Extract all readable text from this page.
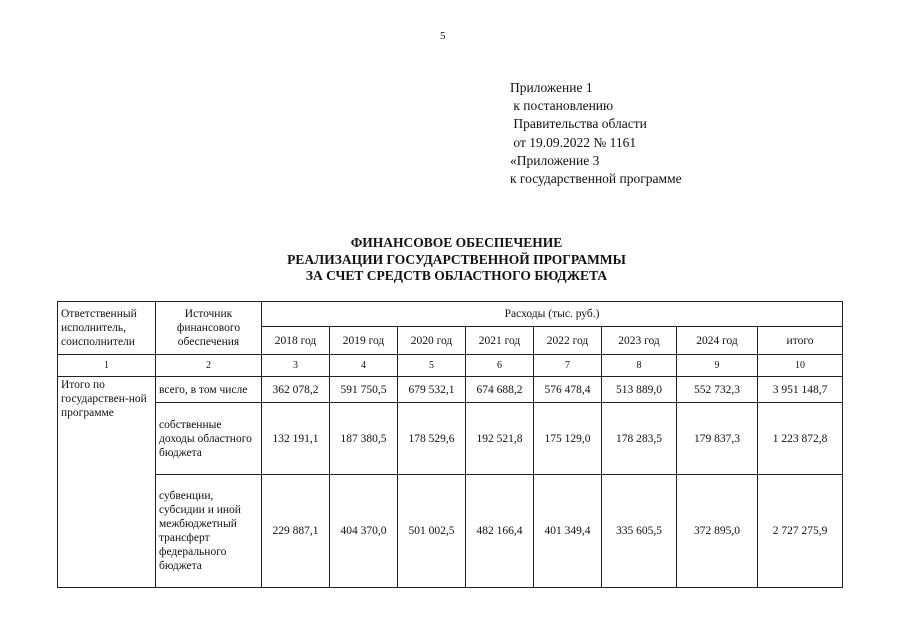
5
Приложение 1
к постановлению
Правительства области
от 19.09.2022 № 1161
«Приложение 3
к государственной программе
ФИНАНСОВОЕ ОБЕСПЕЧЕНИЕ
РЕАЛИЗАЦИИ ГОСУДАРСТВЕННОЙ ПРОГРАММЫ
ЗА СЧЕТ СРЕДСТВ ОБЛАСТНОГО БЮДЖЕТА
Ответственный исполнитель, соисполнители	Источник финансового обеспечения	Расходы (тыс. руб.)							
		2018 год	2019 год	2020 год	2021 год	2022 год	2023 год	2024 год	итого
1	2	3	4	5	6	7	8	9	10
Итого по государствен-ной программе	всего, в том числе	362 078,2	591 750,5	679 532,1	674 688,2	576 478,4	513 889,0	552 732,3	3 951 148,7
	собственные доходы областного бюджета	132 191,1	187 380,5	178 529,6	192 521,8	175 129,0	178 283,5	179 837,3	1 223 872,8
	субвенции, субсидии и иной межбюджетный трансферт федерального бюджета	229 887,1	404 370,0	501 002,5	482 166,4	401 349,4	335 605,5	372 895,0	2 727 275,9
